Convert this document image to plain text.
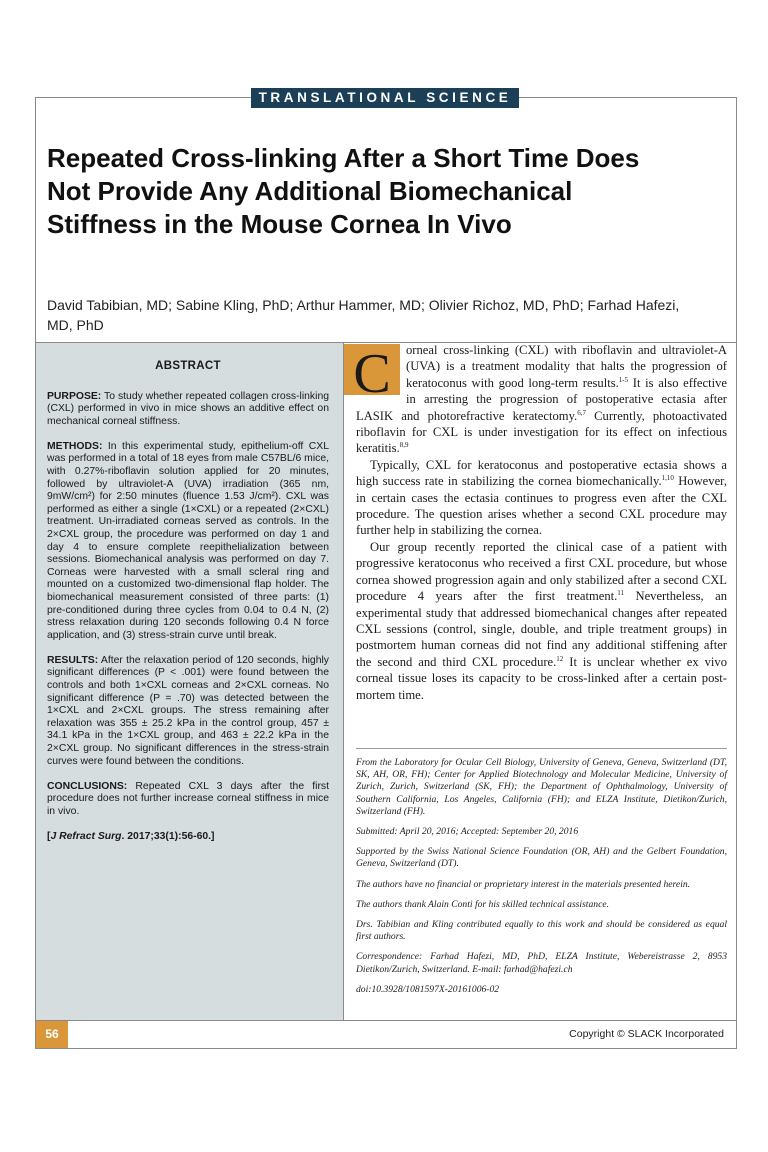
TRANSLATIONAL SCIENCE
Repeated Cross-linking After a Short Time Does Not Provide Any Additional Biomechanical Stiffness in the Mouse Cornea In Vivo
David Tabibian, MD; Sabine Kling, PhD; Arthur Hammer, MD; Olivier Richoz, MD, PhD; Farhad Hafezi, MD, PhD
ABSTRACT

PURPOSE: To study whether repeated collagen cross-linking (CXL) performed in vivo in mice shows an additive effect on mechanical corneal stiffness.

METHODS: In this experimental study, epithelium-off CXL was performed in a total of 18 eyes from male C57BL/6 mice, with 0.27%-riboflavin solution applied for 20 minutes, followed by ultraviolet-A (UVA) irradiation (365 nm, 9mW/cm²) for 2:50 minutes (fluence 1.53 J/cm²). CXL was performed as either a single (1×CXL) or a repeated (2×CXL) treatment. Un-irradiated corneas served as controls. In the 2×CXL group, the procedure was performed on day 1 and day 4 to ensure complete reepithelialization between sessions. Biomechanical analysis was performed on day 7. Corneas were harvested with a small scleral ring and mounted on a customized two-dimensional flap holder. The biomechanical measurement consisted of three parts: (1) pre-conditioned during three cycles from 0.04 to 0.4 N, (2) stress relaxation during 120 seconds following 0.4 N force application, and (3) stress-strain curve until break.

RESULTS: After the relaxation period of 120 seconds, highly significant differences (P < .001) were found between the controls and both 1×CXL corneas and 2×CXL corneas. No significant difference (P = .70) was detected between the 1×CXL and 2×CXL groups. The stress remaining after relaxation was 355 ± 25.2 kPa in the control group, 457 ± 34.1 kPa in the 1×CXL group, and 463 ± 22.2 kPa in the 2×CXL group. No significant differences in the stress-strain curves were found between the conditions.

CONCLUSIONS: Repeated CXL 3 days after the first procedure does not further increase corneal stiffness in mice in vivo.

[J Refract Surg. 2017;33(1):56-60.]

C	orneal cross-linking (CXL) with riboflavin and ultraviolet-A (UVA) is a treatment modality that halts the progression of keratoconus with good long-term results.$^{1-5}$ It is also effective in arresting the progression of postoperative ectasia after LASIK and photorefractive keratectomy.$^{6,7}$ Currently, photoactivated riboflavin for CXL is under investigation for its effect on infectious keratitis.$^{8,9}$

Typically, CXL for keratoconus and postoperative ectasia shows a high success rate in stabilizing the cornea biomechanically.$^{1,10}$ However, in certain cases the ectasia continues to progress even after the CXL procedure. The question arises whether a second CXL procedure may further help in stabilizing the cornea.

Our group recently reported the clinical case of a patient with progressive keratoconus who received a first CXL procedure, but whose cornea showed progression again and only stabilized after a second CXL procedure 4 years after the first treatment.$^{11}$ Nevertheless, an experimental study that addressed biomechanical changes after repeated CXL sessions (control, single, double, and triple treatment groups) in postmortem human corneas did not find any additional stiffening after the second and third CXL procedure.$^{12}$ It is unclear whether ex vivo corneal tissue loses its capacity to be cross-linked after a certain post-mortem time.

From the Laboratory for Ocular Cell Biology, University of Geneva, Geneva, Switzerland (DT, SK, AH, OR, FH); Center for Applied Biotechnology and Molecular Medicine, University of Zurich, Zurich, Switzerland (SK, FH); the Department of Ophthalmology, University of Southern California, Los Angeles, California (FH); and ELZA Institute, Dietikon/Zurich, Switzerland (FH).

Submitted: April 20, 2016; Accepted: September 20, 2016

Supported by the Swiss National Science Foundation (OR, AH) and the Gelbert Foundation, Geneva, Switzerland (DT).

The authors have no financial or proprietary interest in the materials presented herein.

The authors thank Alain Conti for his skilled technical assistance.

Drs. Tabibian and Kling contributed equally to this work and should be considered as equal first authors.

Correspondence: Farhad Hafezi, MD, PhD, ELZA Institute, Webereistrasse 2, 8953 Dietikon/Zurich, Switzerland. E-mail: farhad@hafezi.ch

doi:10.3928/1081597X-20161006-02

56	Copyright © SLACK Incorporated
